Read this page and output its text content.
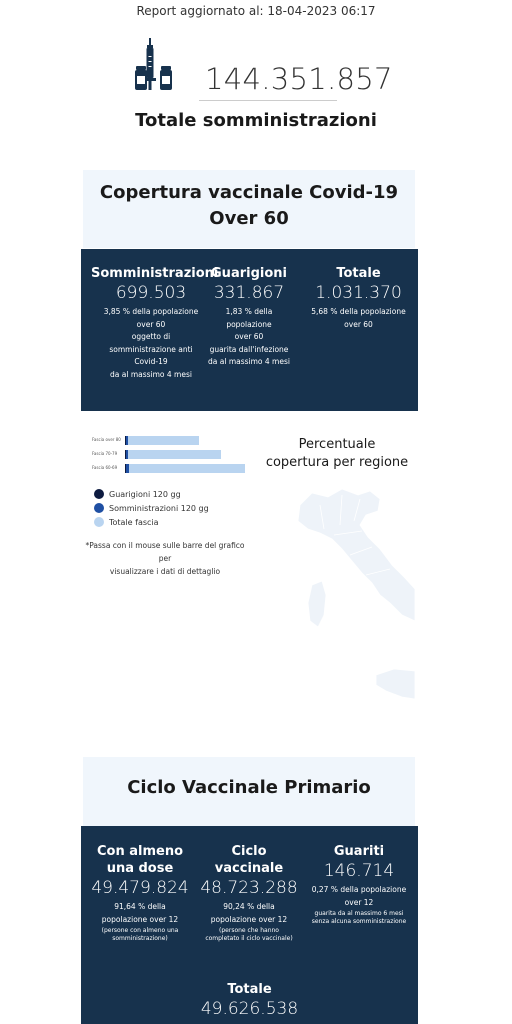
Report aggiornato al: 18-04-2023 06:17
144.351.857
Totale somministrazioni
Copertura vaccinale Covid-19
Over 60
Somministrazioni
699.503
3,85 % della popolazione
over 60
oggetto di
somministrazione anti
Covid-19
da al massimo 4 mesi
Guarigioni
331.867
1,83 % della popolazione
over 60
guarita dall'infezione
da al massimo 4 mesi
Totale
1.031.370
5,68 % della popolazione
over 60
Fascia over 80
Fascia 70-79
Fascia 60-69
Guarigioni 120 gg
Somministrazioni 120 gg
Totale fascia
*Passa con il mouse sulle barre del grafico per
visualizzare i dati di dettaglio
Percentuale
copertura per regione
Ciclo Vaccinale Primario
Con almeno
una dose
49.479.824
91,64 % della
popolazione over 12
(persone con almeno una
somministrazione)
Ciclo
vaccinale
48.723.288
90,24 % della
popolazione over 12
(persone che hanno
completato il ciclo vaccinale)
Guariti
146.714
0,27 % della popolazione
over 12
guarita da al massimo 6 mesi
senza alcuna somministrazione
Totale
49.626.538
